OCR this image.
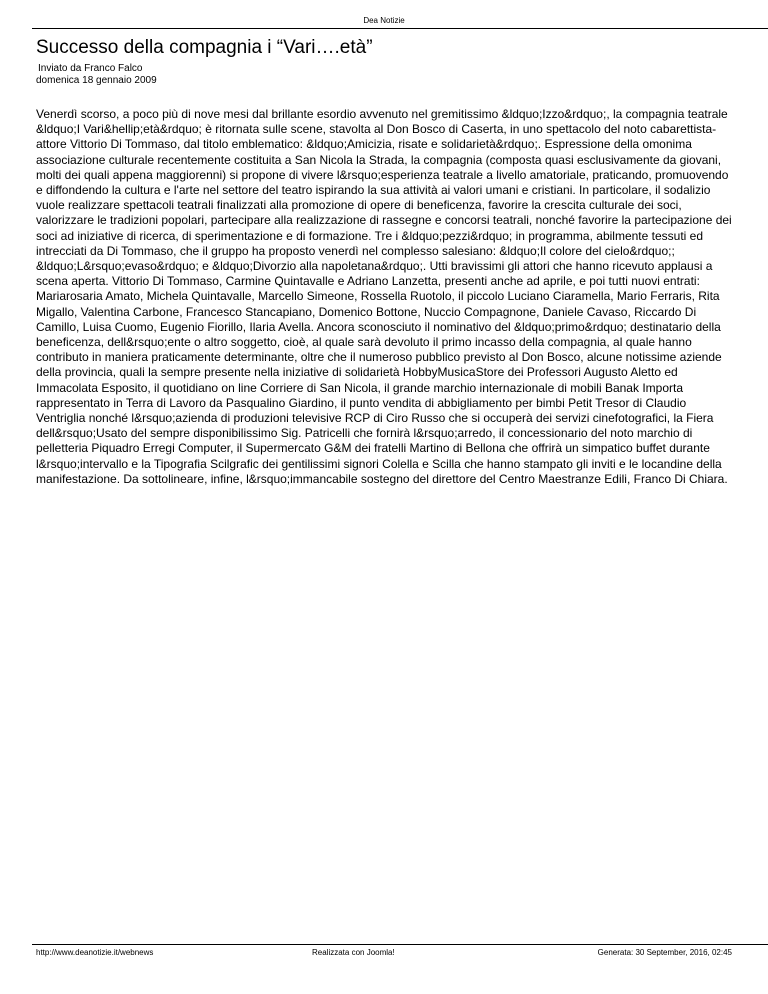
Dea Notizie
Successo della compagnia i “Vari….età”
Inviato da Franco Falco
domenica 18 gennaio 2009

Venerdì scorso, a poco più di nove mesi dal brillante esordio avvenuto nel gremitissimo &ldquo;Izzo&rdquo;, la compagnia teatrale &ldquo;I Vari&hellip;età&rdquo; è ritornata sulle scene, stavolta al Don Bosco di Caserta, in uno spettacolo del noto cabarettista-attore Vittorio Di Tommaso, dal titolo emblematico: &ldquo;Amicizia, risate e solidarietà&rdquo;. Espressione della omonima associazione culturale recentemente costituita a San Nicola la Strada, la compagnia (composta quasi esclusivamente da giovani, molti dei quali appena maggiorenni) si propone di vivere l&rsquo;esperienza teatrale a livello amatoriale, praticando, promuovendo e diffondendo la cultura e l'arte nel settore del teatro ispirando la sua attività ai valori umani e cristiani. In particolare, il sodalizio vuole realizzare spettacoli teatrali finalizzati alla promozione di opere di beneficenza, favorire la crescita culturale dei soci, valorizzare le tradizioni popolari, partecipare alla realizzazione di rassegne e concorsi teatrali, nonché favorire la partecipazione dei soci ad iniziative di ricerca, di sperimentazione e di formazione. Tre i &ldquo;pezzi&rdquo; in programma, abilmente tessuti ed intrecciati da Di Tommaso, che il gruppo ha proposto venerdì nel complesso salesiano: &ldquo;Il colore del cielo&rdquo;; &ldquo;L&rsquo;evaso&rdquo; e &ldquo;Divorzio alla napoletana&rdquo;. Utti bravissimi gli attori che hanno ricevuto applausi a scena aperta. Vittorio Di Tommaso, Carmine Quintavalle e Adriano Lanzetta, presenti anche ad aprile, e poi tutti nuovi entrati: Mariarosaria Amato, Michela Quintavalle, Marcello Simeone, Rossella Ruotolo, il piccolo Luciano Ciaramella, Mario Ferraris, Rita Migallo, Valentina Carbone, Francesco Stancapiano, Domenico Bottone, Nuccio Compagnone, Daniele Cavaso, Riccardo Di Camillo, Luisa Cuomo, Eugenio Fiorillo, Ilaria Avella. Ancora sconosciuto il nominativo del &ldquo;primo&rdquo; destinatario della beneficenza, dell&rsquo;ente o altro soggetto, cioè, al quale sarà devoluto il primo incasso della compagnia, al quale hanno contributo in maniera praticamente determinante, oltre che il numeroso pubblico previsto al Don Bosco, alcune notissime aziende della provincia, quali la sempre presente nella iniziative di solidarietà HobbyMusicaStore dei Professori Augusto Aletto ed Immacolata Esposito, il quotidiano on line Corriere di San Nicola, il grande marchio internazionale di mobili Banak Importa rappresentato in Terra di Lavoro da Pasqualino Giardino, il punto vendita di abbigliamento per bimbi Petit Tresor di Claudio Ventriglia nonché l&rsquo;azienda di produzioni televisive RCP di Ciro Russo che si occuperà dei servizi cinefotografici, la Fiera dell&rsquo;Usato del sempre disponibilissimo Sig. Patricelli che fornirà l&rsquo;arredo, il concessionario del noto marchio di pelletteria Piquadro Erregi Computer, il Supermercato G&M dei fratelli Martino di Bellona che offrirà un simpatico buffet durante l&rsquo;intervallo e la Tipografia Scilgrafic dei gentilissimi signori Colella e Scilla che hanno stampato gli inviti e le locandine della manifestazione. Da sottolineare, infine, l&rsquo;immancabile sostegno del direttore del Centro Maestranze Edili, Franco Di Chiara.

http://www.deanotizie.it/webnews	Realizzata con Joomla!	Generata: 30 September, 2016, 02:45
